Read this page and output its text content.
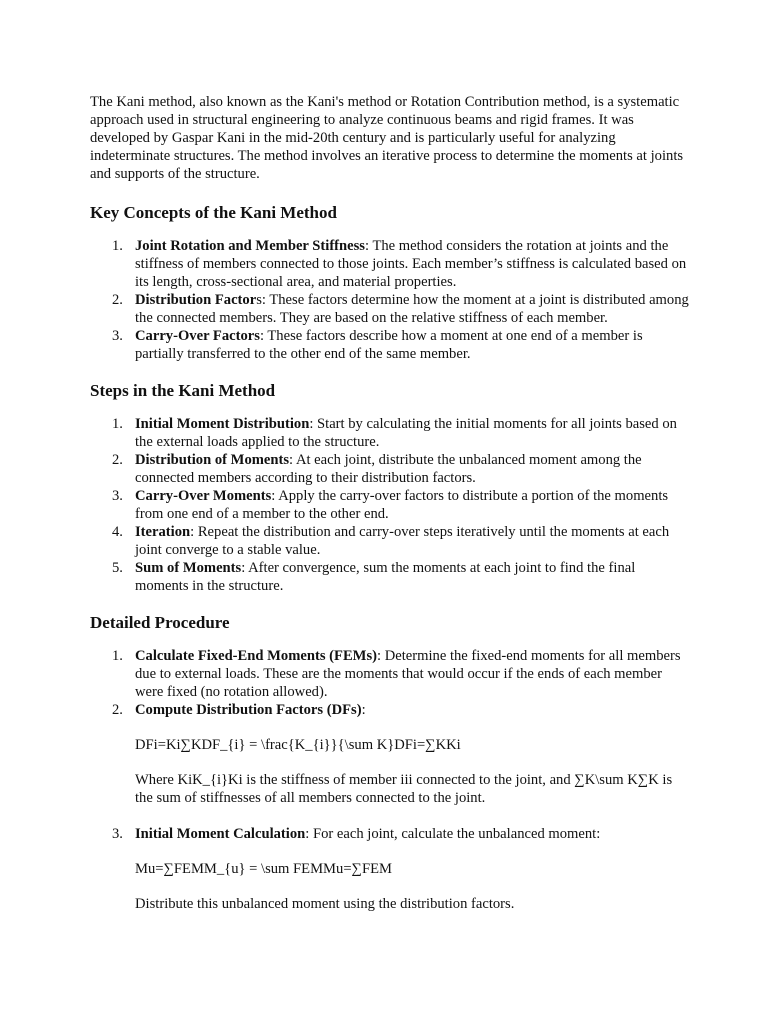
The Kani method, also known as the Kani's method or Rotation Contribution method, is a systematic approach used in structural engineering to analyze continuous beams and rigid frames. It was developed by Gaspar Kani in the mid-20th century and is particularly useful for analyzing indeterminate structures. The method involves an iterative process to determine the moments at joints and supports of the structure.

Key Concepts of the Kani Method
1. Joint Rotation and Member Stiffness: The method considers the rotation at joints and the stiffness of members connected to those joints. Each member’s stiffness is calculated based on its length, cross-sectional area, and material properties.
2. Distribution Factors: These factors determine how the moment at a joint is distributed among the connected members. They are based on the relative stiffness of each member.
3. Carry-Over Factors: These factors describe how a moment at one end of a member is partially transferred to the other end of the same member.
Steps in the Kani Method
1. Initial Moment Distribution: Start by calculating the initial moments for all joints based on the external loads applied to the structure.
2. Distribution of Moments: At each joint, distribute the unbalanced moment among the connected members according to their distribution factors.
3. Carry-Over Moments: Apply the carry-over factors to distribute a portion of the moments from one end of a member to the other end.
4. Iteration: Repeat the distribution and carry-over steps iteratively until the moments at each joint converge to a stable value.
5. Sum of Moments: After convergence, sum the moments at each joint to find the final moments in the structure.
Detailed Procedure
1. Calculate Fixed-End Moments (FEMs): Determine the fixed-end moments for all members due to external loads. These are the moments that would occur if the ends of each member were fixed (no rotation allowed).
2. Compute Distribution Factors (DFs):

DFi=Ki∑KDF_{i} = \frac{K_{i}}{\sum K}DFi=∑KKi

Where KiK_{i}Ki is the stiffness of member iii connected to the joint, and ∑K\sum K∑K is the sum of stiffnesses of all members connected to the joint.

3. Initial Moment Calculation: For each joint, calculate the unbalanced moment:

Mu=∑FEMM_{u} = \sum FEMMu=∑FEM

Distribute this unbalanced moment using the distribution factors.
